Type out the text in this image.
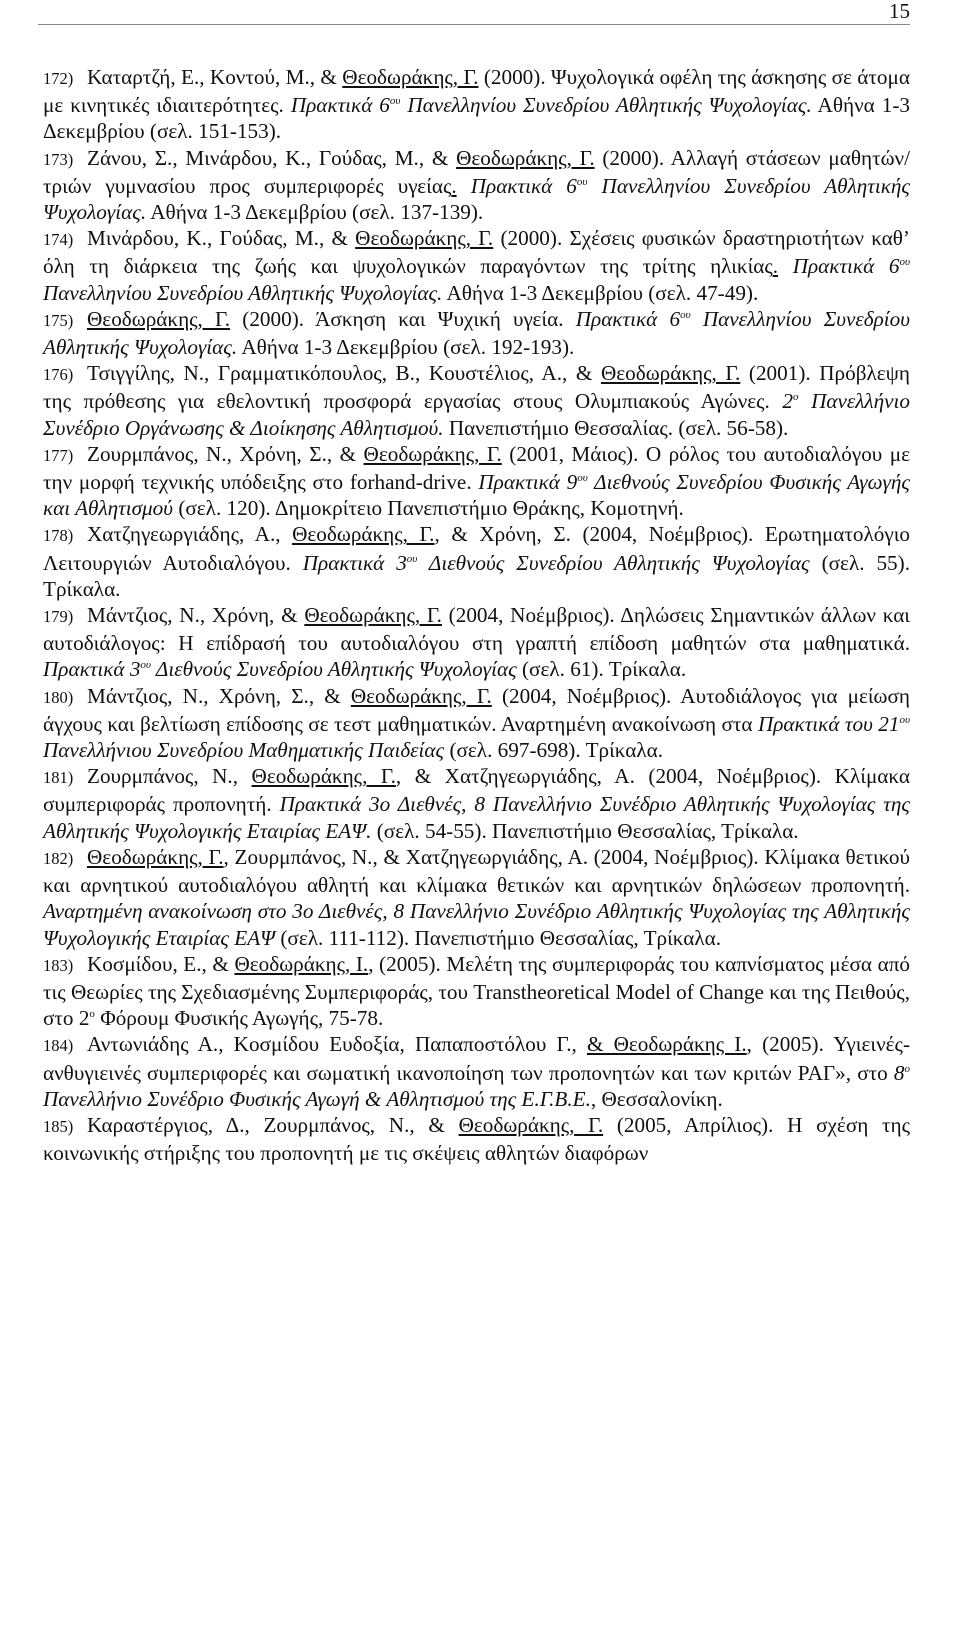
15
172) Καταρτζή, Ε., Κοντού, Μ., & Θεοδωράκης, Γ. (2000). Ψυχολογικά οφέλη της άσκησης σε άτομα με κινητικές ιδιαιτερότητες. Πρακτικά $6^{o\upsilon}$ Πανελληνίου Συνεδρίου Αθλητικής Ψυχολογίας. Αθήνα 1-3 Δεκεμβρίου (σελ. 151-153).
173) Ζάνου, Σ., Μινάρδου, Κ., Γούδας, Μ., & Θεοδωράκης, Γ. (2000). Αλλαγή στάσεων μαθητών/τριών γυμνασίου προς συμπεριφορές υγείας. Πρακτικά $6^{o\upsilon}$ Πανελληνίου Συνεδρίου Αθλητικής Ψυχολογίας. Αθήνα 1-3 Δεκεμβρίου (σελ. 137-139).
174) Μινάρδου, Κ., Γούδας, Μ., & Θεοδωράκης, Γ. (2000). Σχέσεις φυσικών δραστηριοτήτων καθ’ όλη τη διάρκεια της ζωής και ψυχολογικών παραγόντων της τρίτης ηλικίας. Πρακτικά $6^{o\upsilon}$ Πανελληνίου Συνεδρίου Αθλητικής Ψυχολογίας. Αθήνα 1-3 Δεκεμβρίου (σελ. 47-49).
175) Θεοδωράκης, Γ. (2000). Άσκηση και Ψυχική υγεία. Πρακτικά $6^{o\upsilon}$ Πανελληνίου Συνεδρίου Αθλητικής Ψυχολογίας. Αθήνα 1-3 Δεκεμβρίου (σελ. 192-193).
176) Τσιγγίλης, Ν., Γραμματικόπουλος, Β., Κουστέλιος, Α., & Θεοδωράκης, Γ. (2001). Πρόβλεψη της πρόθεσης για εθελοντική προσφορά εργασίας στους Ολυμπιακούς Αγώνες. $2^o$ Πανελλήνιο Συνέδριο Οργάνωσης & Διοίκησης Αθλητισμού. Πανεπιστήμιο Θεσσαλίας. (σελ. 56-58).
177) Ζουρμπάνος, Ν., Χρόνη, Σ., & Θεοδωράκης, Γ. (2001, Μάιος). Ο ρόλος του αυτοδιαλόγου με την μορφή τεχνικής υπόδειξης στο forhand-drive. Πρακτικά $9^{o\upsilon}$ Διεθνούς Συνεδρίου Φυσικής Αγωγής και Αθλητισμού (σελ. 120). Δημοκρίτειο Πανεπιστήμιο Θράκης, Κομοτηνή.
178) Χατζηγεωργιάδης, Α., Θεοδωράκης, Γ., & Χρόνη, Σ. (2004, Νοέμβριος). Ερωτηματολόγιο Λειτουργιών Αυτοδιαλόγου. Πρακτικά $3^{o\upsilon}$ Διεθνούς Συνεδρίου Αθλητικής Ψυχολογίας (σελ. 55). Τρίκαλα.
179) Μάντζιος, Ν., Χρόνη, & Θεοδωράκης, Γ. (2004, Νοέμβριος). Δηλώσεις Σημαντικών άλλων και αυτοδιάλογος: Η επίδρασή του αυτοδιαλόγου στη γραπτή επίδοση μαθητών στα μαθηματικά. Πρακτικά $3^{o\upsilon}$ Διεθνούς Συνεδρίου Αθλητικής Ψυχολογίας (σελ. 61). Τρίκαλα.
180) Μάντζιος, Ν., Χρόνη, Σ., & Θεοδωράκης, Γ. (2004, Νοέμβριος). Αυτοδιάλογος για μείωση άγχους και βελτίωση επίδοσης σε τεστ μαθηματικών. Αναρτημένη ανακοίνωση στα Πρακτικά του $21^{o\upsilon}$ Πανελλήνιου Συνεδρίου Μαθηματικής Παιδείας (σελ. 697-698). Τρίκαλα.
181) Ζουρμπάνος, Ν., Θεοδωράκης, Γ., & Χατζηγεωργιάδης, Α. (2004, Νοέμβριος). Κλίμακα συμπεριφοράς προπονητή. Πρακτικά 3ο Διεθνές, 8 Πανελλήνιο Συνέδριο Αθλητικής Ψυχολογίας της Αθλητικής Ψυχολογικής Εταιρίας ΕΑΨ. (σελ. 54-55). Πανεπιστήμιο Θεσσαλίας, Τρίκαλα.
182) Θεοδωράκης, Γ., Ζουρμπάνος, Ν., & Χατζηγεωργιάδης, Α. (2004, Νοέμβριος). Κλίμακα θετικού και αρνητικού αυτοδιαλόγου αθλητή και κλίμακα θετικών και αρνητικών δηλώσεων προπονητή. Αναρτημένη ανακοίνωση στο 3ο Διεθνές, 8 Πανελλήνιο Συνέδριο Αθλητικής Ψυχολογίας της Αθλητικής Ψυχολογικής Εταιρίας ΕΑΨ (σελ. 111-112). Πανεπιστήμιο Θεσσαλίας, Τρίκαλα.
183) Κοσμίδου, Ε., & Θεοδωράκης, Ι., (2005). Μελέτη της συμπεριφοράς του καπνίσματος μέσα από τις Θεωρίες της Σχεδιασμένης Συμπεριφοράς, του Transtheoretical Model of Change και της Πειθούς, στο $2^o$ Φόρουμ Φυσικής Αγωγής, 75-78.
184) Αντωνιάδης Α., Κοσμίδου Ευδοξία, Παπαποστόλου Γ., & Θεοδωράκης Ι., (2005). Υγιεινές-ανθυγιεινές συμπεριφορές και σωματική ικανοποίηση των προπονητών και των κριτών ΡΑΓ», στο $8^o$ Πανελλήνιο Συνέδριο Φυσικής Αγωγή & Αθλητισμού της Ε.Γ.Β.Ε., Θεσσαλονίκη.
185) Καραστέργιος, Δ., Ζουρμπάνος, Ν., & Θεοδωράκης, Γ. (2005, Απρίλιος). Η σχέση της κοινωνικής στήριξης του προπονητή με τις σκέψεις αθλητών διαφόρων
